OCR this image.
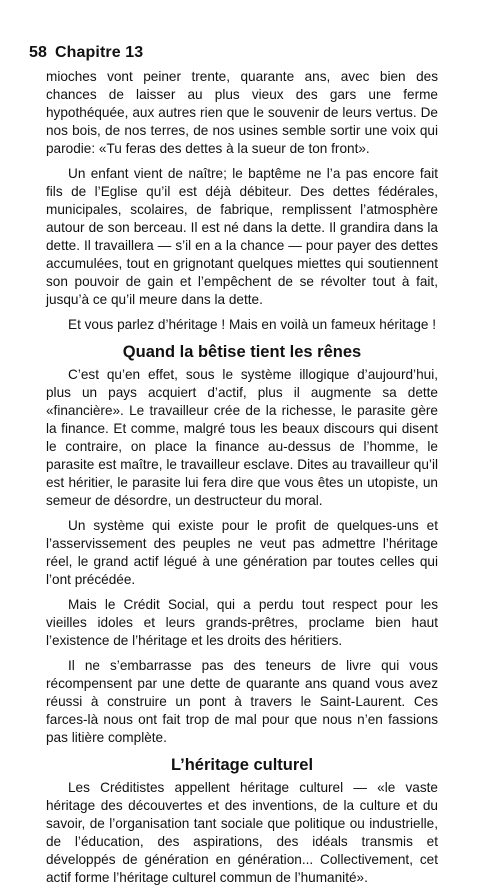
58 Chapitre 13

mioches vont peiner trente, quarante ans, avec bien des chances de laisser au plus vieux des gars une ferme hypothéquée, aux autres rien que le souvenir de leurs vertus. De nos bois, de nos terres, de nos usines semble sortir une voix qui parodie: «Tu feras des dettes à la sueur de ton front».

Un enfant vient de naître; le baptême ne l’a pas encore fait fils de l’Eglise qu’il est déjà débiteur. Des dettes fédérales, municipales, scolaires, de fabrique, remplissent l’atmosphère autour de son berceau. Il est né dans la dette. Il grandira dans la dette. Il travaillera — s’il en a la chance — pour payer des dettes accumulées, tout en grignotant quelques miettes qui soutiennent son pouvoir de gain et l’empêchent de se révolter tout à fait, jusqu’à ce qu’il meure dans la dette.

Et vous parlez d’héritage ! Mais en voilà un fameux héritage !

Quand la bêtise tient les rênes

C’est qu’en effet, sous le système illogique d’aujourd’hui, plus un pays acquiert d’actif, plus il augmente sa dette «financière». Le travailleur crée de la richesse, le parasite gère la finance. Et comme, malgré tous les beaux discours qui disent le contraire, on place la finance au-dessus de l’homme, le parasite est maître, le travailleur esclave. Dites au travailleur qu’il est héritier, le parasite lui fera dire que vous êtes un utopiste, un semeur de désordre, un destructeur du moral.

Un système qui existe pour le profit de quelques-uns et l’asservissement des peuples ne veut pas admettre l’héritage réel, le grand actif légué à une génération par toutes celles qui l’ont précédée.

Mais le Crédit Social, qui a perdu tout respect pour les vieilles idoles et leurs grands-prêtres, proclame bien haut l’existence de l’héritage et les droits des héritiers.

Il ne s’embarrasse pas des teneurs de livre qui vous récompensent par une dette de quarante ans quand vous avez réussi à construire un pont à travers le Saint-Laurent. Ces farces-là nous ont fait trop de mal pour que nous n’en fassions pas litière complète.

L’héritage culturel

Les Créditistes appellent héritage culturel — «le vaste héritage des découvertes et des inventions, de la culture et du savoir, de l’organisation tant sociale que politique ou industrielle, de l’éducation, des aspirations, des idéals transmis et développés de génération en génération... Collectivement, cet actif forme l’héritage culturel commun de l’humanité».
